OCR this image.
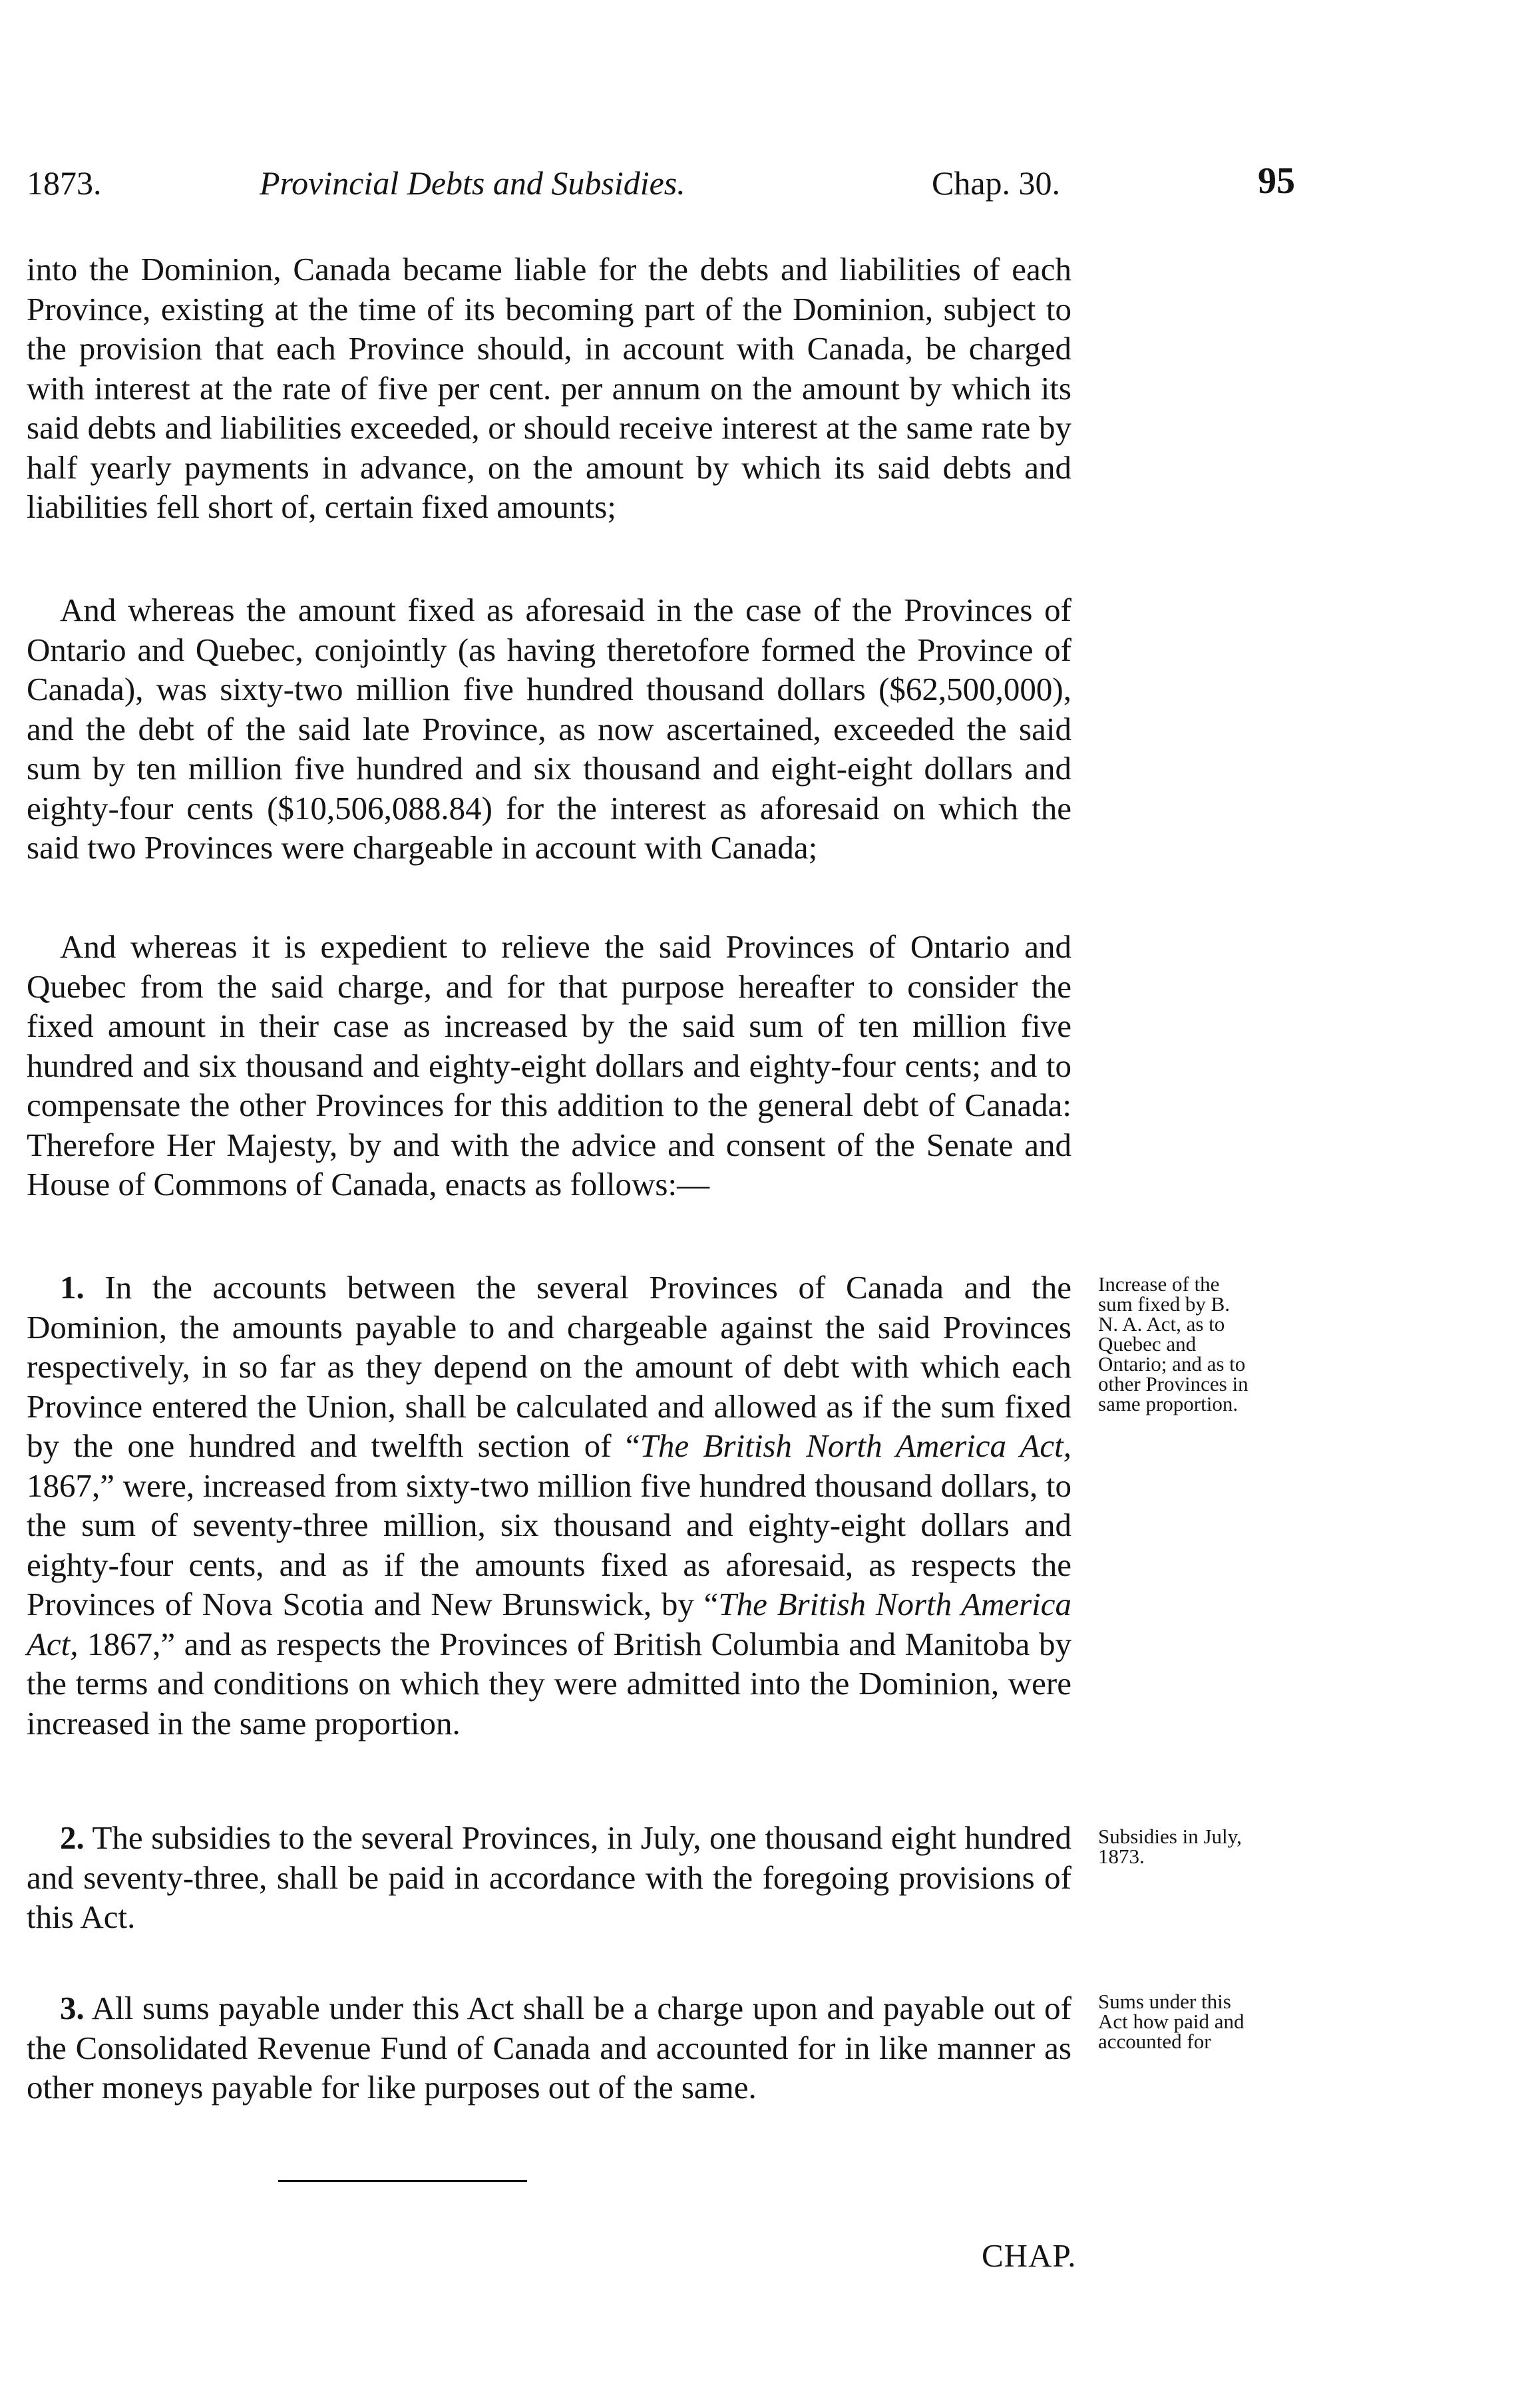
1873.	Provincial Debts and Subsidies.	Chap. 30.	95

into the Dominion, Canada became liable for the debts and liabilities of each Province, existing at the time of its becoming part of the Dominion, subject to the provision that each Province should, in account with Canada, be charged with interest at the rate of five per cent. per annum on the amount by which its said debts and liabilities exceeded, or should receive interest at the same rate by half yearly payments in advance, on the amount by which its said debts and liabilities fell short of, certain fixed amounts;

And whereas the amount fixed as aforesaid in the case of the Provinces of Ontario and Quebec, conjointly (as having theretofore formed the Province of Canada), was sixty-two million five hundred thousand dollars ($62,500,000), and the debt of the said late Province, as now ascertained, exceeded the said sum by ten million five hundred and six thousand and eight-eight dollars and eighty-four cents ($10,506,088.84) for the interest as aforesaid on which the said two Provinces were chargeable in account with Canada;

And whereas it is expedient to relieve the said Provinces of Ontario and Quebec from the said charge, and for that purpose hereafter to consider the fixed amount in their case as increased by the said sum of ten million five hundred and six thousand and eighty-eight dollars and eighty-four cents; and to compensate the other Provinces for this addition to the general debt of Canada: Therefore Her Majesty, by and with the advice and consent of the Senate and House of Commons of Canada, enacts as follows:—

1. In the accounts between the several Provinces of Canada and the Dominion, the amounts payable to and chargeable against the said Provinces respectively, in so far as they depend on the amount of debt with which each Province entered the Union, shall be calculated and allowed as if the sum fixed by the one hundred and twelfth section of “The British North America Act, 1867,” were, increased from sixty-two million five hundred thousand dollars, to the sum of seventy-three million, six thousand and eighty-eight dollars and eighty-four cents, and as if the amounts fixed as aforesaid, as respects the Provinces of Nova Scotia and New Brunswick, by “The British North America Act, 1867,” and as respects the Provinces of British Columbia and Manitoba by the terms and conditions on which they were admitted into the Dominion, were increased in the same proportion.

Increase of the sum fixed by B. N. A. Act, as to Quebec and Ontario; and as to other Provinces in same proportion.

2. The subsidies to the several Provinces, in July, one thousand eight hundred and seventy-three, shall be paid in accordance with the foregoing provisions of this Act.

Subsidies in July, 1873.

3. All sums payable under this Act shall be a charge upon and payable out of the Consolidated Revenue Fund of Canada and accounted for in like manner as other moneys payable for like purposes out of the same.

Sums under this Act how paid and accounted for

CHAP.
